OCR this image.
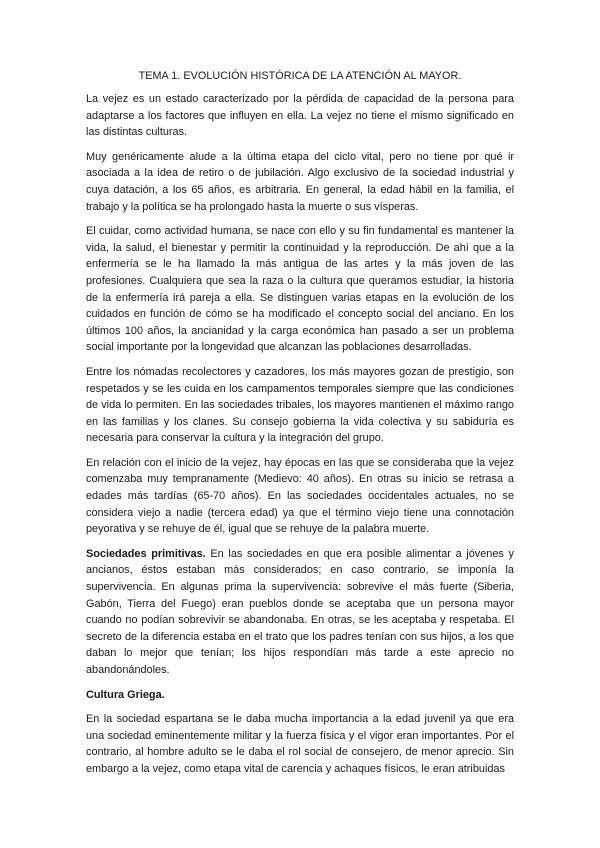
TEMA 1. EVOLUCIÓN HISTÓRICA DE LA ATENCIÓN AL MAYOR.

La vejez es un estado caracterizado por la pérdida de capacidad de la persona para adaptarse a los factores que influyen en ella. La vejez no tiene el mismo significado en las distintas culturas.

Muy genéricamente alude a la última etapa del ciclo vital, pero no tiene por qué ir asociada a la idea de retiro o de jubilación. Algo exclusivo de la sociedad industrial y cuya datación, a los 65 años, es arbitraria. En general, la edad hábil en la familia, el trabajo y la política se ha prolongado hasta la muerte o sus vísperas.

El cuidar, como actividad humana, se nace con ello y su fin fundamental es mantener la vida, la salud, el bienestar y permitir la continuidad y la reproducción. De ahí que a la enfermería se le ha llamado la más antigua de las artes y la más joven de las profesiones. Cualquiera que sea la raza o la cultura que queramos estudiar, la historia de la enfermería irá pareja a ella. Se distinguen varias etapas en la evolución de los cuidados en función de cómo se ha modificado el concepto social del anciano. En los últimos 100 años, la ancianidad y la carga económica han pasado a ser un problema social importante por la longevidad que alcanzan las poblaciones desarrolladas.

Entre los nómadas recolectores y cazadores, los más mayores gozan de prestigio, son respetados y se les cuida en los campamentos temporales siempre que las condiciones de vida lo permiten. En las sociedades tribales, los mayores mantienen el máximo rango en las familias y los clanes. Su consejo gobierna la vida colectiva y su sabiduría es necesaria para conservar la cultura y la integración del grupo.

En relación con el inicio de la vejez, hay épocas en las que se consideraba que la vejez comenzaba muy tempranamente (Medievo: 40 años). En otras su inicio se retrasa a edades más tardías (65-70 años). En las sociedades occidentales actuales, no se considera viejo a nadie (tercera edad) ya que el término viejo tiene una connotación peyorativa y se rehuye de él, igual que se rehuye de la palabra muerte.

Sociedades primitivas. En las sociedades en que era posible alimentar a jóvenes y ancianos, éstos estaban más considerados; en caso contrario, se imponía la supervivencia. En algunas prima la supervivencia: sobrevive el más fuerte (Siberia, Gabón, Tierra del Fuego) eran pueblos donde se aceptaba que un persona mayor cuando no podían sobrevivir se abandonaba. En otras, se les aceptaba y respetaba. El secreto de la diferencia estaba en el trato que los padres tenían con sus hijos, a los que daban lo mejor que tenían; los hijos respondían más tarde a este aprecio no abandonándoles.

Cultura Griega.

En la sociedad espartana se le daba mucha importancia a la edad juvenil ya que era una sociedad eminentemente militar y la fuerza física y el vigor eran importantes. Por el contrario, al hombre adulto se le daba el rol social de consejero, de menor aprecio. Sin embargo a la vejez, como etapa vital de carencia y achaques físicos, le eran atribuidas
